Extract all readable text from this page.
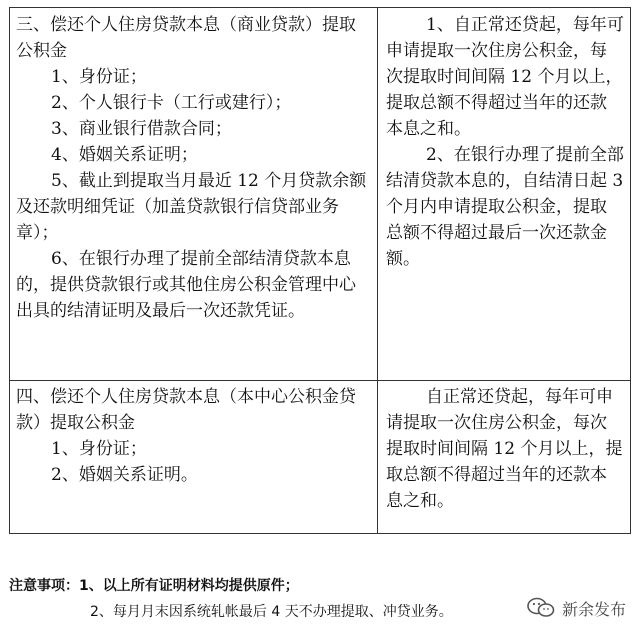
三、偿还个人住房贷款本息（商业贷款）提取
公积金
1、身份证；
2、个人银行卡（工行或建行）；
3、商业银行借款合同；
4、婚姻关系证明；
5、截止到提取当月最近 12 个月贷款余额
及还款明细凭证（加盖贷款银行信贷部业务
章）；
6、在银行办理了提前全部结清贷款本息
的，提供贷款银行或其他住房公积金管理中心
出具的结清证明及最后一次还款凭证。
1、自正常还贷起，每年可
申请提取一次住房公积金，每
次提取时间间隔 12 个月以上，
提取总额不得超过当年的还款
本息之和。
2、在银行办理了提前全部
结清贷款本息的，自结清日起 3
个月内申请提取公积金，提取
总额不得超过最后一次还款金
额。
四、偿还个人住房贷款本息（本中心公积金贷
款）提取公积金
1、身份证；
2、婚姻关系证明。
自正常还贷起，每年可申
请提取一次住房公积金，每次
提取时间间隔 12 个月以上，提
取总额不得超过当年的还款本
息之和。
注意事项：1、以上所有证明材料均提供原件；
2、每月月末因系统轧帐最后 4 天不办理提取、冲贷业务。	新余发布
